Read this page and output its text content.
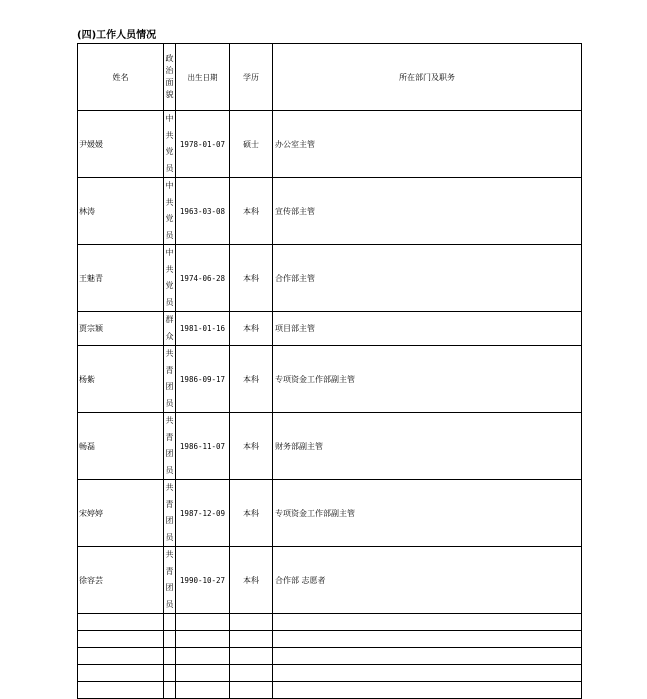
(四)工作人员情况
姓名	政治面貌	出生日期	学历	所在部门及职务
尹媛媛	中共党员	1978-01-07	硕士	办公室主管
林涛	中共党员	1963-03-08	本科	宣传部主管
王魅青	中共党员	1974-06-28	本科	合作部主管
贾宗颖	群众	1981-01-16	本科	项目部主管
杨紫	共青团员	1986-09-17	本科	专项资金工作部副主管
畅磊	共青团员	1986-11-07	本科	财务部副主管
宋婷婷	共青团员	1987-12-09	本科	专项资金工作部副主管
徐容芸	共青团员	1990-10-27	本科	合作部 志愿者
